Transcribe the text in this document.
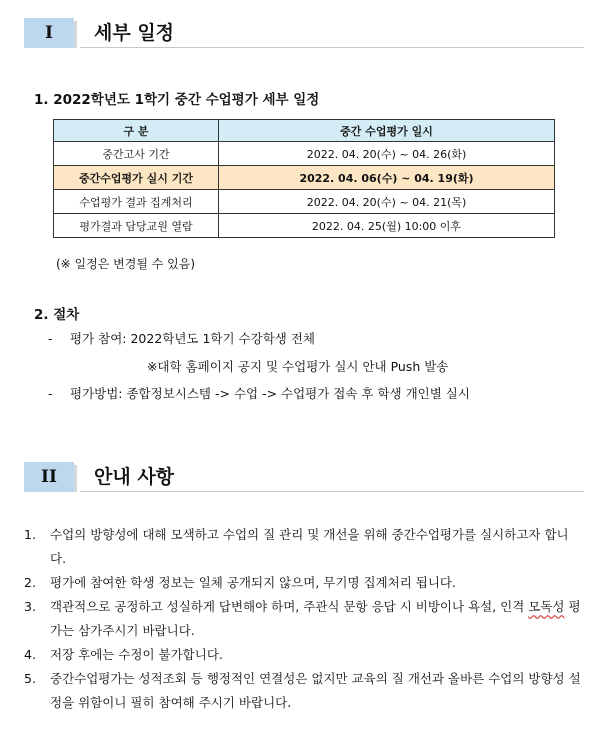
I	세부 일정
1. 2022학년도 1학기 중간 수업평가 세부 일정
구 분	중간 수업평가 일시
중간고사 기간	2022. 04. 20(수) ~ 04. 26(화)
중간수업평가 실시 기간	2022. 04. 06(수) ~ 04. 19(화)
수업평가 결과 집계처리	2022. 04. 20(수) ~ 04. 21(목)
평가결과 담당교원 열람	2022. 04. 25(월) 10:00 이후
(※ 일정은 변경될 수 있음)
2. 절차
- 평가 참여: 2022학년도 1학기 수강학생 전체
※대학 홈페이지 공지 및 수업평가 실시 안내 Push 발송
- 평가방법: 종합정보시스템 -> 수업 -> 수업평가 접속 후 학생 개인별 실시
II	안내 사항
1.	수업의 방향성에 대해 모색하고 수업의 질 관리 및 개선을 위해 중간수업평가를 실시하고자 합니다.
2.	평가에 참여한 학생 정보는 일체 공개되지 않으며, 무기명 집계처리 됩니다.
3.	객관적으로 공정하고 성실하게 답변해야 하며, 주관식 문항 응답 시 비방이나 욕설, 인격 모독성 평가는 삼가주시기 바랍니다.
4.	저장 후에는 수정이 불가합니다.
5.	중간수업평가는 성적조회 등 행정적인 연결성은 없지만 교육의 질 개선과 올바른 수업의 방향성 설정을 위함이니 필히 참여해 주시기 바랍니다.
